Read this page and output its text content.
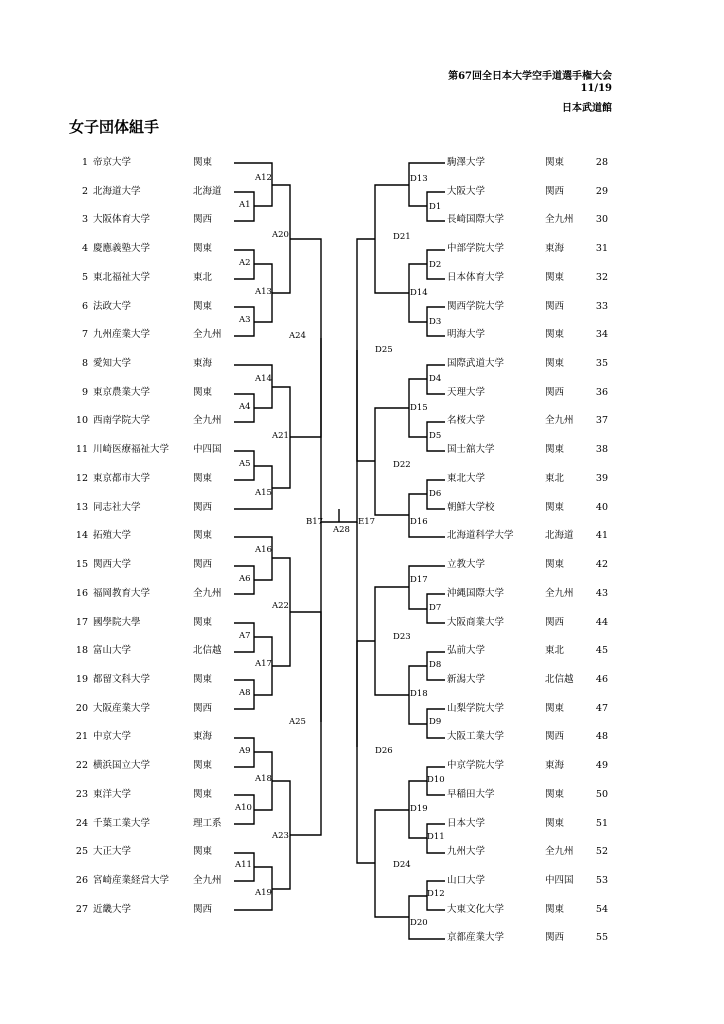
第67回全日本大学空手道選手権大会
11/19
日本武道館
女子団体組手
1 帝京大学	関東
2 北海道大学	北海道
3 大阪体育大学	関西
4 慶應義塾大学	関東
5 東北福祉大学	東北
6 法政大学	関東
7 九州産業大学	全九州
8 愛知大学	東海
9 東京農業大学	関東
10 西南学院大学	全九州
11 川崎医療福祉大学	中四国
12 東京都市大学	関東
13 同志社大学	関西
14 拓殖大学	関東
15 関西大学	関西
16 福岡教育大学	全九州
17 國學院大學	関東
18 富山大学	北信越
19 都留文科大学	関東
20 大阪産業大学	関西
21 中京大学	東海
22 横浜国立大学	関東
23 東洋大学	関東
24 千葉工業大学	理工系
25 大正大学	関東
26 宮崎産業経営大学	全九州
27 近畿大学	関西
駒澤大学	関東	28
大阪大学	関西	29
長崎国際大学	全九州	30
中部学院大学	東海	31
日本体育大学	関東	32
関西学院大学	関西	33
明海大学	関東	34
国際武道大学	関東	35
天理大学	関西	36
名桜大学	全九州	37
国士舘大学	関東	38
東北大学	東北	39
朝鮮大学校	関東	40
北海道科学大学	北海道	41
立教大学	関東	42
沖縄国際大学	全九州	43
大阪商業大学	関西	44
弘前大学	東北	45
新潟大学	北信越	46
山梨学院大学	関東	47
大阪工業大学	関西	48
中京学院大学	東海	49
早稲田大学	関東	50
日本大学	関東	51
九州大学	全九州	52
山口大学	中四国	53
大東文化大学	関東	54
京都産業大学	関西	55
A1
A2
A3
A4
A5
A6
A7
A8
A9
A10
A11
A12
A13
A14
A15
A16
A17
A18
A19
A20
A21
A22
A23
A24
A25
B17	E17
A28
D1
D2
D3
D4
D5
D6
D7
D8
D9
D10
D11
D12
D13
D14
D15
D16
D17
D18
D19
D20
D21
D22
D23
D24
D25
D26
